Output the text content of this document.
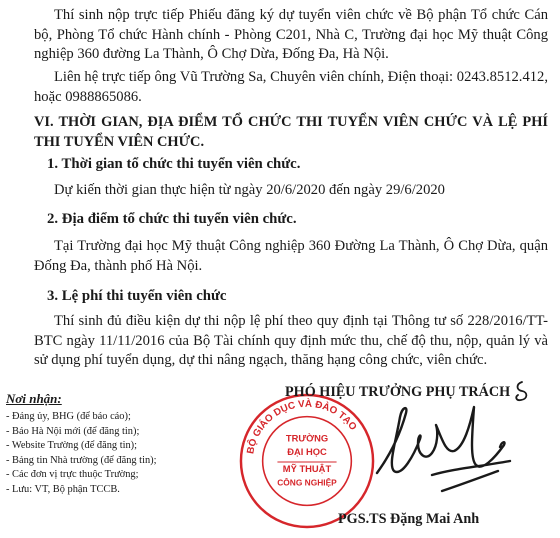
Thí sinh nộp trực tiếp Phiếu đăng ký dự tuyển viên chức về Bộ phận Tổ chức Cán bộ, Phòng Tổ chức Hành chính - Phòng C201, Nhà C, Trường đại học Mỹ thuật Công nghiệp 360 đường La Thành, Ô Chợ Dừa, Đống Đa, Hà Nội.

Liên hệ trực tiếp ông Vũ Trường Sa, Chuyên viên chính, Điện thoại: 0243.8512.412, hoặc 0988865086.

VI. THỜI GIAN, ĐỊA ĐIỂM TỔ CHỨC THI TUYỂN VIÊN CHỨC VÀ LỆ PHÍ THI TUYỂN VIÊN CHỨC.

1. Thời gian tổ chức thi tuyển viên chức.

Dự kiến thời gian thực hiện từ ngày 20/6/2020 đến ngày 29/6/2020

2. Địa điểm tổ chức thi tuyển viên chức.

Tại Trường đại học Mỹ thuật Công nghiệp 360 Đường La Thành, Ô Chợ Dừa, quận Đống Đa, thành phố Hà Nội.

3. Lệ phí thi tuyển viên chức

Thí sinh đủ điều kiện dự thi nộp lệ phí theo quy định tại Thông tư số 228/2016/TT-BTC ngày 11/11/2016 của Bộ Tài chính quy định mức thu, chế độ thu, nộp, quản lý và sử dụng phí tuyển dụng, dự thi nâng ngạch, thăng hạng công chức, viên chức.

Nơi nhận:
- Đảng ủy, BHG (để báo cáo);
- Báo Hà Nội mới (để đăng tin);
- Website Trường (để đăng tin);
- Bảng tin Nhà trường (để đăng tin);
- Các đơn vị trực thuộc Trường;
- Lưu: VT, Bộ phận TCCB.
BỘ GIÁO DỤC VÀ ĐÀO TẠO
TRƯỜNG
ĐẠI HỌC
MỸ THUẬT
CÔNG NGHIỆP
PHÓ HIỆU TRƯỞNG PHỤ TRÁCH
PGS.TS Đặng Mai Anh
